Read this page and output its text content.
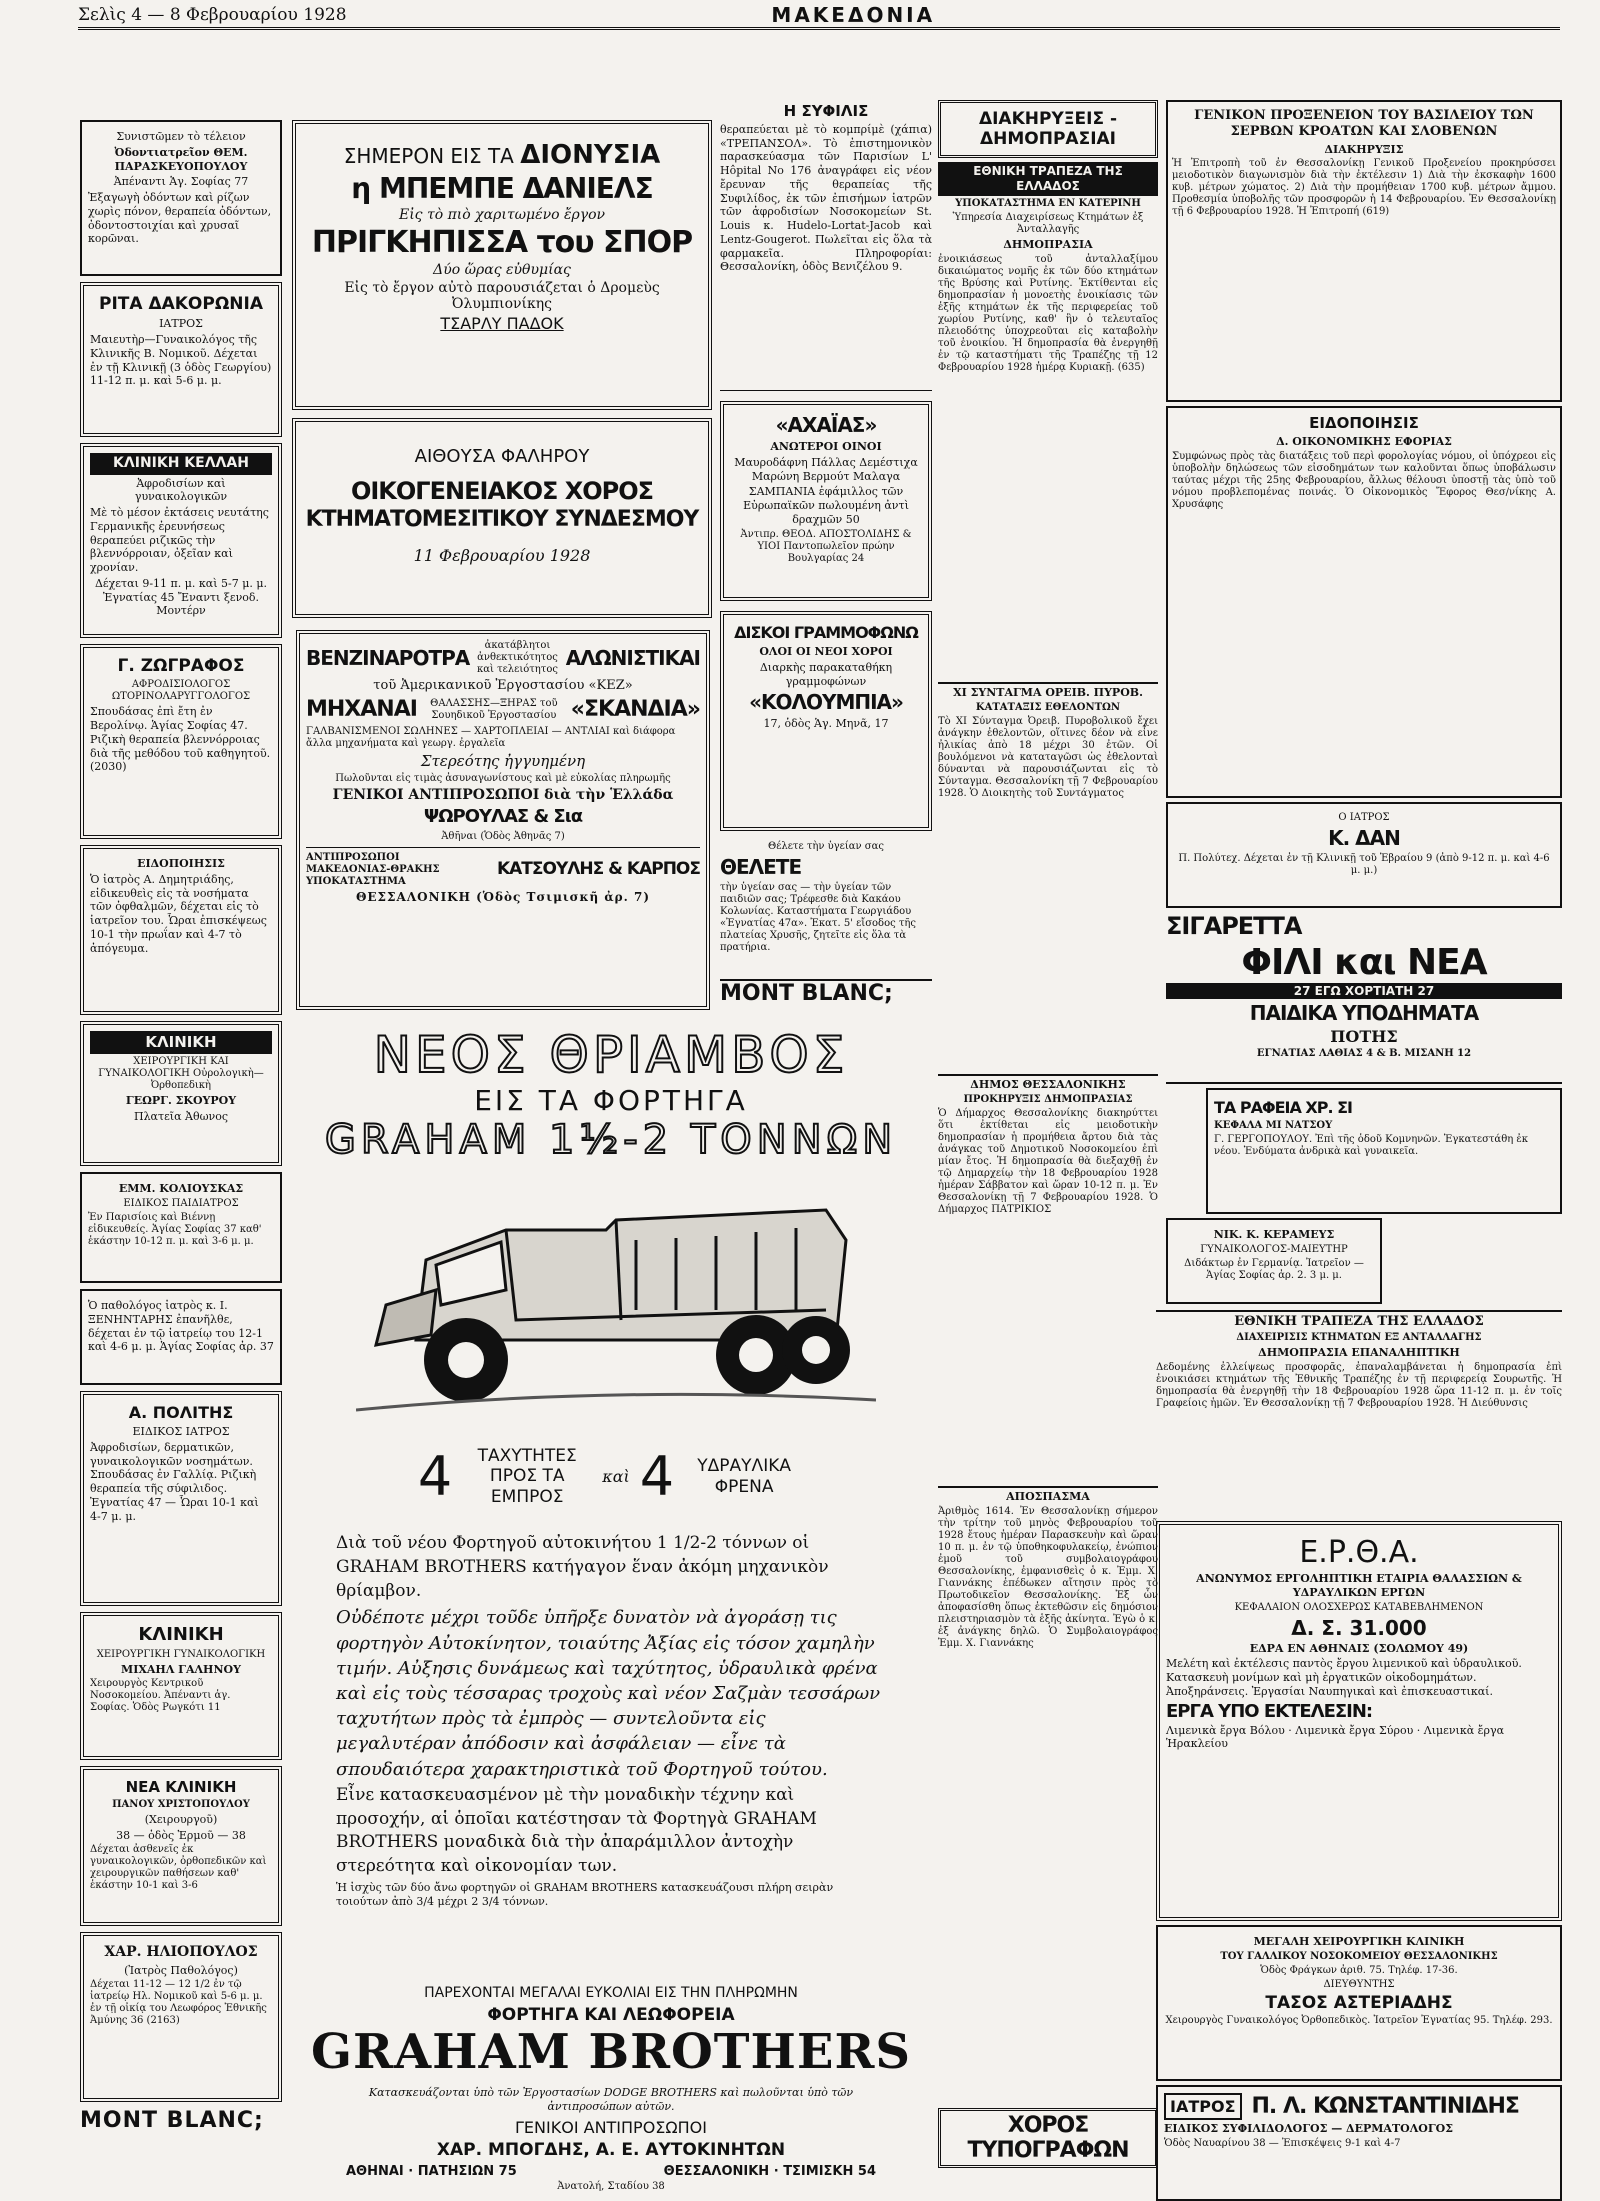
Σελὶς 4 — 8 Φεβρουαρίου 1928	ΜΑΚΕΔΟΝΙΑ

Συνιστῶμεν τὸ τέλειον

Ὀδοντιατρεῖον ΘΕΜ. ΠΑΡΑΣΚΕΥΟΠΟΥΛΟΥ

Ἀπέναντι Ἁγ. Σοφίας 77

Ἐξαγωγὴ ὀδόντων καὶ ρίζων χωρὶς πόνον, θεραπεία ὀδόντων, ὀδοντοστοιχίαι καὶ χρυσαῖ κορῶναι.

ΡΙΤΑ ΔΑΚΟΡΩΝΙΑ

ΙΑΤΡΟΣ

Μαιευτὴρ—Γυναικολόγος τῆς Κλινικῆς Β. Νομικοῦ. Δέχεται ἐν τῇ Κλινικῇ (3 ὁδὸς Γεωργίου) 11-12 π. μ. καὶ 5-6 μ. μ.

ΚΛΙΝΙΚΗ ΚΕΛΛΑΗ

Ἀφροδισίων καὶ γυναικολογικῶν

Μὲ τὸ μέσον ἐκτάσεις νευτάτης Γερμανικῆς ἐρευνήσεως θεραπεύει ριζικῶς τὴν βλεννόρροιαν, ὀξεῖαν καὶ χρονίαν.

Δέχεται 9-11 π. μ. καὶ 5-7 μ. μ. Ἐγνατίας 45 Ἔναντι ξενοδ. Μοντέρν

Γ. ΖΩΓΡΑΦΟΣ

ΑΦΡΟΔΙΣΙΟΛΟΓΟΣ ΩΤΟΡΙΝΟΛΑΡΥΓΓΟΛΟΓΟΣ

Σπουδάσας ἐπὶ ἔτη ἐν Βερολίνῳ. Ἁγίας Σοφίας 47. Ριζικὴ θεραπεία βλεννόρροιας διὰ τῆς μεθόδου τοῦ καθηγητοῦ. (2030)

ΕΙΔΟΠΟΙΗΣΙΣ

Ὁ ἰατρὸς Α. Δημητριάδης, εἰδικευθεὶς εἰς τὰ νοσήματα τῶν ὀφθαλμῶν, δέχεται εἰς τὸ ἰατρεῖον του. Ὧραι ἐπισκέψεως 10-1 τὴν πρωΐαν καὶ 4-7 τὸ ἀπόγευμα.

ΚΛΙΝΙΚΗ

ΧΕΙΡΟΥΡΓΙΚΗ ΚΑΙ ΓΥΝΑΙΚΟΛΟΓΙΚΗ Οὐρολογικὴ—Ὀρθοπεδικὴ

ΓΕΩΡΓ. ΣΚΟΥΡΟΥ

Πλατεῖα Ἀθωνος

ΕΜΜ. ΚΟΛΙΟΥΣΚΑΣ

ΕΙΔΙΚΟΣ ΠΑΙΔΙΑΤΡΟΣ

Ἐν Παρισίοις καὶ Βιέννῃ εἰδικευθείς. Ἁγίας Σοφίας 37 καθ' ἑκάστην 10-12 π. μ. καὶ 3-6 μ. μ.

Ὁ παθολόγος ἰατρὸς κ. Ι. ΞΕΝΗΝΤΑΡΗΣ ἐπανῆλθε, δέχεται ἐν τῷ ἰατρείῳ του 12-1 καὶ 4-6 μ. μ. Ἁγίας Σοφίας ἀρ. 37

Α. ΠΟΛΙΤΗΣ

ΕΙΔΙΚΟΣ ΙΑΤΡΟΣ

Ἀφροδισίων, δερματικῶν, γυναικολογικῶν νοσημάτων. Σπουδάσας ἐν Γαλλίᾳ. Ριζικὴ θεραπεία τῆς σύφιλιδος. Ἐγνατίας 47 — Ὧραι 10-1 καὶ 4-7 μ. μ.

ΚΛΙΝΙΚΗ

ΧΕΙΡΟΥΡΓΙΚΗ ΓΥΝΑΙΚΟΛΟΓΙΚΗ

ΜΙΧΑΗΛ ΓΑΛΗΝΟΥ

Χειρουργὸς Κεντρικοῦ Νοσοκομείου. Ἀπέναντι ἁγ. Σοφίας. Ὁδὸς Ρωγκότι 11

ΝΕΑ ΚΛΙΝΙΚΗ

ΠΑΝΟΥ ΧΡΙΣΤΟΠΟΥΛΟΥ

(Χειρουργοῦ)

38 — ὁδὸς Ἑρμοῦ — 38

Δέχεται ἀσθενεῖς ἐκ γυναικολογικῶν, ὀρθοπεδικῶν καὶ χειρουργικῶν παθήσεων καθ' ἑκάστην 10-1 καὶ 3-6

ΧΑΡ. ΗΛΙΟΠΟΥΛΟΣ

(Ἰατρὸς Παθολόγος)

Δέχεται 11-12 — 12 1/2 ἐν τῷ ἰατρείῳ Ηλ. Νομικοῦ καὶ 5-6 μ. μ. ἐν τῇ οἰκίᾳ του Λεωφόρος Ἐθνικῆς Ἀμύνης 36 (2163)

MONT BLANC;

ΣΗΜΕΡΟΝ ΕΙΣ ΤΑ ΔΙΟΝΥΣΙΑ

η ΜΠΕΜΠΕ ΔΑΝΙΕΛΣ

Εἰς τὸ πιὸ χαριτωμένο ἔργον

ΠΡΙΓΚΗΠΙΣΣΑ του ΣΠΟΡ

Δύο ὥρας εὐθυμίας

Εἰς τὸ ἔργον αὐτὸ παρουσιάζεται ὁ Δρομεὺς Ὀλυμπιονίκης

ΤΣΑΡΛΥ ΠΑΔΟΚ

ΑΙΘΟΥΣΑ ΦΑΛΗΡΟΥ

ΟΙΚΟΓΕΝΕΙΑΚΟΣ ΧΟΡΟΣ

ΚΤΗΜΑΤΟΜΕΣΙΤΙΚΟΥ ΣΥΝΔΕΣΜΟΥ

11 Φεβρουαρίου 1928

ΒΕΝΖΙΝΑΡΟΤΡΑ	ἀκατάβλητοι ἀνθεκτικότητος καὶ τελειότητος ΑΛΩΝΙΣΤΙΚΑΙ

τοῦ Ἀμερικανικοῦ Ἐργοστασίου «ΚΕΖ»

ΜΗΧΑΝΑΙ ΘΑΛΑΣΣΗΣ—ΞΗΡΑΣ τοῦ Σουηδικοῦ Ἐργοστασίου «ΣΚΑΝΔΙΑ»

ΓΑΛΒΑΝΙΣΜΕΝΟΙ ΣΩΛΗΝΕΣ — ΧΑΡΤΟΠΛΕΙΑΙ — ΑΝΤΛΙΑΙ καὶ διάφορα ἄλλα μηχανήματα καὶ γεωργ. ἐργαλεῖα

Στερεότης ἠγγυημένη

Πωλοῦνται εἰς τιμὰς ἀσυναγωνίστους καὶ μὲ εὐκολίας πληρωμῆς

ΓΕΝΙΚΟΙ ΑΝΤΙΠΡΟΣΩΠΟΙ διὰ τὴν Ἑλλάδα

ΨΩΡΟΥΛΑΣ & Σια

Ἀθῆναι (Ὁδὸς Ἀθηνᾶς 7)

ΑΝΤΙΠΡΟΣΩΠΟΙ ΜΑΚΕΔΟΝΙΑΣ-ΘΡΑΚΗΣ ΥΠΟΚΑΤΑΣΤΗΜΑ
ΚΑΤΣΟΥΛΗΣ & ΚΑΡΠΟΣ

ΘΕΣΣΑΛΟΝΙΚΗ (Ὁδὸς Τσιμισκῆ ἀρ. 7)

ΝΕΟΣ ΘΡΙΑΜΒΟΣ

ΕΙΣ ΤΑ ΦΟΡΤΗΓΑ

GRAHAM 1½-2 ΤΟΝΝΩΝ

4	ΤΑΧΥΤΗΤΕΣ ΠΡΟΣ ΤΑ ΕΜΠΡΟΣ
καὶ 4	ΥΔΡΑΥΛΙΚΑ ΦΡΕΝΑ

Διὰ τοῦ νέου Φορτηγοῦ αὐτοκινήτου 1 1/2-2 τόννων οἱ GRAHAM BROTHERS κατήγαγον ἕναν ἀκόμη μηχανικὸν θρίαμβον.

Οὐδέποτε μέχρι τοῦδε ὑπῆρξε δυνατὸν νὰ ἀγοράσῃ τις φορτηγὸν Αὐτοκίνητον, τοιαύτης Ἀξίας εἰς τόσον χαμηλὴν τιμήν. Αὐξησις δυνάμεως καὶ ταχύτητος, ὑδραυλικὰ φρένα καὶ εἰς τοὺς τέσσαρας τροχοὺς καὶ νέον Σαζμὰν τεσσάρων ταχυτήτων πρὸς τὰ ἐμπρὸς — συντελοῦντα εἰς μεγαλυτέραν ἀπόδοσιν καὶ ἀσφάλειαν — εἶνε τὰ σπουδαιότερα χαρακτηριστικὰ τοῦ Φορτηγοῦ τούτου.

Εἶνε κατασκευασμένον μὲ τὴν μοναδικὴν τέχνην καὶ προσοχήν, αἱ ὁποῖαι κατέστησαν τὰ Φορτηγὰ GRAHAM BROTHERS μοναδικὰ διὰ τὴν ἀπαράμιλλον ἀντοχὴν στερεότητα καὶ οἰκονομίαν των.

Ἡ ἰσχὺς τῶν δύο ἄνω φορτηγῶν οἱ GRAHAM BROTHERS κατασκευάζουσι πλήρη σειρὰν τοιούτων ἀπὸ 3/4 μέχρι 2 3/4 τόννων.

ΠΑΡΕΧΟΝΤΑΙ ΜΕΓΑΛΑΙ ΕΥΚΟΛΙΑΙ ΕΙΣ ΤΗΝ ΠΛΗΡΩΜΗΝ

ΦΟΡΤΗΓΑ ΚΑΙ ΛΕΩΦΟΡΕΙΑ

GRAHAM BROTHERS

Κατασκευάζονται ὑπὸ τῶν Ἐργοστασίων DODGE BROTHERS καὶ πωλοῦνται ὑπὸ τῶν ἀντιπροσώπων αὐτῶν.

ΓΕΝΙΚΟΙ ΑΝΤΙΠΡΟΣΩΠΟΙ

ΧΑΡ. ΜΠΟΓΔΗΣ, Α. Ε. ΑΥΤΟΚΙΝΗΤΩΝ

ΑΘΗΝΑΙ · ΠΑΤΗΣΙΩΝ 75	ΘΕΣΣΑΛΟΝΙΚΗ · ΤΣΙΜΙΣΚΗ 54

Ἀνατολή, Σταδίου 38

Η ΣΥΦΙΛΙΣ

θεραπεύεται μὲ τὸ κομπρίμὲ (χάπια) «ΤΡΕΠΑΝΣΟΛ». Τὸ ἐπιστημονικὸν παρασκεύασμα τῶν Παρισίων L' Hôpital No 176 ἀναγράφει εἰς νέον ἔρευναν τῆς θεραπείας τῆς Συφιλίδος, ἐκ τῶν ἐπισήμων ἰατρῶν τῶν ἀφροδισίων Νοσοκομείων St. Louis κ. Hudelo-Lortat-Jacob καὶ Lentz-Gougerot. Πωλεῖται εἰς ὅλα τὰ φαρμακεῖα. Πληροφορίαι: Θεσσαλονίκη, ὁδὸς Βενιζέλου 9.

«ΑΧΑΪΑΣ»

ΑΝΩΤΕΡΟΙ ΟΙΝΟΙ

Μαυροδάφνη Πάλλας Δεμέστιχα Μαρώνη Βερμούτ Μαλαγα

ΣΑΜΠΑΝΙΑ ἐφάμιλλος τῶν Εὐρωπαϊκῶν πωλουμένη ἀντὶ δραχμῶν 50

Ἀντιπρ. ΘΕΟΔ. ΑΠΟΣΤΟΛΙΔΗΣ & ΥΙΟΙ Παντοπωλεῖον πρώην Βουλγαρίας 24

ΔΙΣΚΟΙ ΓΡΑΜΜΟΦΩΝΩ

ΟΛΟΙ ΟΙ ΝΕΟΙ ΧΟΡΟΙ

Διαρκὴς παρακαταθήκη γραμμοφώνων

«ΚΟΛΟΥΜΠΙΑ»

17, ὁδὸς Ἁγ. Μηνᾶ, 17

Θέλετε τὴν ὑγείαν σας

ΘΕΛΕΤΕ

τὴν ὑγείαν σας — τὴν ὑγείαν τῶν παιδιῶν σας; Τρέφεσθε διὰ Κακάου Κολωνίας. Καταστήματα Γεωργιάδου «Ἐγνατίας 47α». Ἐκατ. 5' εἴσοδος τῆς πλατείας Χρυσῆς, ζητεῖτε εἰς ὅλα τὰ πρατήρια.

MONT BLANC;
ΔΙΑΚΗΡΥΞΕΙΣ - ΔΗΜΟΠΡΑΣΙΑΙ
ΕΘΝΙΚΗ ΤΡΑΠΕΖΑ ΤΗΣ ΕΛΛΑΔΟΣ

ΥΠΟΚΑΤΑΣΤΗΜΑ ΕΝ ΚΑΤΕΡΙΝΗ

Ὑπηρεσία Διαχειρίσεως Κτημάτων ἐξ Ἀνταλλαγῆς

ΔΗΜΟΠΡΑΣΙΑ

ἐνοικιάσεως τοῦ ἀνταλλαξίμου δικαιώματος νομῆς ἐκ τῶν δύο κτημάτων τῆς Βρύσης καὶ Ρυτίνης. Ἐκτίθενται εἰς δημοπρασίαν ἡ μονοετὴς ἐνοικίασις τῶν ἑξῆς κτημάτων ἐκ τῆς περιφερείας τοῦ χωρίου Ρυτίνης, καθ' ἣν ὁ τελευταῖος πλειοδότης ὑποχρεοῦται εἰς καταβολὴν τοῦ ἐνοικίου. Ἡ δημοπρασία θὰ ἐνεργηθῇ ἐν τῷ καταστήματι τῆς Τραπέζης τῇ 12 Φεβρουαρίου 1928 ἡμέρᾳ Κυριακῇ. (635)

ΧΙ ΣΥΝΤΑΓΜΑ ΟΡΕΙΒ. ΠΥΡΟΒ.

ΚΑΤΑΤΑΞΙΣ ΕΘΕΛΟΝΤΩΝ

Τὸ ΧΙ Σύνταγμα Ὀρειβ. Πυροβολικοῦ ἔχει ἀνάγκην ἐθελοντῶν, οἵτινες δέον νὰ εἶνε ἠλικίας ἀπὸ 18 μέχρι 30 ἐτῶν. Οἱ βουλόμενοι νὰ καταταγῶσι ὡς ἐθελονταὶ δύνανται νὰ παρουσιάζωνται εἰς τὸ Σύνταγμα. Θεσσαλονίκη τῇ 7 Φεβρουαρίου 1928. Ὁ Διοικητὴς τοῦ Συντάγματος

ΔΗΜΟΣ ΘΕΣΣΑΛΟΝΙΚΗΣ

ΠΡΟΚΗΡΥΞΙΣ ΔΗΜΟΠΡΑΣΙΑΣ

Ὁ Δήμαρχος Θεσσαλονίκης διακηρύττει ὅτι ἐκτίθεται εἰς μειοδοτικὴν δημοπρασίαν ἡ προμήθεια ἄρτου διὰ τὰς ἀνάγκας τοῦ Δημοτικοῦ Νοσοκομείου ἐπὶ μίαν ἔτος. Ἡ δημοπρασία θὰ διεξαχθῇ ἐν τῷ Δημαρχείῳ τὴν 18 Φεβρουαρίου 1928 ἡμέραν Σάββατον καὶ ὥραν 10-12 π. μ. Ἐν Θεσσαλονίκῃ τῇ 7 Φεβρουαρίου 1928. Ὁ Δήμαρχος ΠΑΤΡΙΚΙΟΣ

ΑΠΟΣΠΑΣΜΑ

Ἀριθμὸς 1614. Ἐν Θεσσαλονίκῃ σήμερον τὴν τρίτην τοῦ μηνὸς Φεβρουαρίου τοῦ 1928 ἔτους ἡμέραν Παρασκευὴν καὶ ὥραν 10 π. μ. ἐν τῷ ὑποθηκοφυλακείῳ, ἐνώπιον ἐμοῦ τοῦ συμβολαιογράφου Θεσσαλονίκης, ἐμφανισθεὶς ὁ κ. Ἐμμ. Χ. Γιαννάκης ἐπέδωκεν αἴτησιν πρὸς τὸ Πρωτοδικεῖον Θεσσαλονίκης. Ἐξ ὧν ἀποφασίσθη ὅπως ἐκτεθῶσιν εἰς δημόσιον πλειστηριασμὸν τὰ ἑξῆς ἀκίνητα. Ἐγὼ ὁ κ. ἐξ ἀνάγκης δηλῶ. Ὁ Συμβολαιογράφος Ἐμμ. Χ. Γιαννάκης

ΧΟΡΟΣ ΤΥΠΟΓΡΑΦΩΝ

ΓΕΝΙΚΟΝ ΠΡΟΞΕΝΕΙΟΝ ΤΟΥ ΒΑΣΙΛΕΙΟΥ ΤΩΝ ΣΕΡΒΩΝ ΚΡΟΑΤΩΝ ΚΑΙ ΣΛΟΒΕΝΩΝ

ΔΙΑΚΗΡΥΞΙΣ

Ἡ Ἐπιτροπὴ τοῦ ἐν Θεσσαλονίκῃ Γενικοῦ Προξενείου προκηρύσσει μειοδοτικὸν διαγωνισμὸν διὰ τὴν ἐκτέλεσιν 1) Διὰ τὴν ἐκσκαφὴν 1600 κυβ. μέτρων χώματος. 2) Διὰ τὴν προμήθειαν 1700 κυβ. μέτρων ἄμμου. Προθεσμία ὑποβολῆς τῶν προσφορῶν ἡ 14 Φεβρουαρίου. Ἐν Θεσσαλονίκῃ τῇ 6 Φεβρουαρίου 1928. Ἡ Ἐπιτροπή (619)

ΕΙΔΟΠΟΙΗΣΙΣ

Δ. ΟΙΚΟΝΟΜΙΚΗΣ ΕΦΟΡΙΑΣ

Συμφώνως πρὸς τὰς διατάξεις τοῦ περὶ φορολογίας νόμου, οἱ ὑπόχρεοι εἰς ὑποβολὴν δηλώσεως τῶν εἰσοδημάτων των καλοῦνται ὅπως ὑποβάλωσιν ταύτας μέχρι τῆς 25ης Φεβρουαρίου, ἄλλως θέλουσι ὑποστῇ τὰς ὑπὸ τοῦ νόμου προβλεπομένας ποινάς. Ὁ Οἰκονομικὸς Ἔφορος Θεσ/νίκης Α. Χρυσάφης

Ο ΙΑΤΡΟΣ

Κ. ΔΑΝ

Π. Πολύτεχ. Δέχεται ἐν τῇ Κλινικῇ τοῦ Ἑβραίου 9 (ἀπὸ 9-12 π. μ. καὶ 4-6 μ. μ.)

ΣΙΓΑΡΕΤΤΑ

ΦΙΛΙ και ΝΕΑ

27 ΕΓΩ ΧΟΡΤΙΑΤΗ 27

ΠΑΙΔΙΚΑ ΥΠΟΔΗΜΑΤΑ

ΠΟΤΗΣ

ΕΓΝΑΤΙΑΣ ΛΑΘΙΑΣ 4 & Β. ΜΙΣΑΝΗ 12

ΤΑ ΡΑΦΕΙΑ ΧΡ. ΣΙ

ΚΕΦΑΛΑ ΜΙ ΝΑΤΣΟΥ

Γ. ΓΕΡΓΟΠΟΥΛΟΥ. Ἐπὶ τῆς ὁδοῦ Κομνηνῶν. Ἐγκατεστάθη ἐκ νέου. Ἐνδύματα ἀνδρικὰ καὶ γυναικεῖα.

ΝΙΚ. Κ. ΚΕΡΑΜΕΥΣ

ΓΥΝΑΙΚΟΛΟΓΟΣ-ΜΑΙΕΥΤΗΡ

Διδάκτωρ ἐν Γερμανίᾳ. Ἰατρεῖον — Ἁγίας Σοφίας ἀρ. 2. 3 μ. μ.

ΕΘΝΙΚΗ ΤΡΑΠΕΖΑ ΤΗΣ ΕΛΛΑΔΟΣ

ΔΙΑΧΕΙΡΙΣΙΣ ΚΤΗΜΑΤΩΝ ΕΞ ΑΝΤΑΛΛΑΓΗΣ

ΔΗΜΟΠΡΑΣΙΑ ΕΠΑΝΑΛΗΠΤΙΚΗ

Δεδομένης ἐλλείψεως προσφορᾶς, ἐπαναλαμβάνεται ἡ δημοπρασία ἐπὶ ἐνοικιάσει κτημάτων τῆς Ἐθνικῆς Τραπέζης ἐν τῇ περιφερείᾳ Σουρωτῆς. Ἡ δημοπρασία θὰ ἐνεργηθῇ τὴν 18 Φεβρουαρίου 1928 ὥρα 11-12 π. μ. ἐν τοῖς Γραφείοις ἡμῶν. Ἐν Θεσσαλονίκῃ τῇ 7 Φεβρουαρίου 1928. Ἡ Διεύθυνσις

Ε.Ρ.Θ.Α.

ΑΝΩΝΥΜΟΣ ΕΡΓΟΛΗΠΤΙΚΗ ΕΤΑΙΡΙΑ ΘΑΛΑΣΣΙΩΝ & ΥΔΡΑΥΛΙΚΩΝ ΕΡΓΩΝ

ΚΕΦΑΛΑΙΟΝ ΟΛΟΣΧΕΡΩΣ ΚΑΤΑΒΕΒΛΗΜΕΝΟΝ

Δ. Σ. 31.000

ΕΔΡΑ ΕΝ ΑΘΗΝΑΙΣ (ΣΟΛΩΜΟΥ 49)

Μελέτη καὶ ἐκτέλεσις παντὸς ἔργου λιμενικοῦ καὶ ὑδραυλικοῦ. Κατασκευὴ μονίμων καὶ μὴ ἐργατικῶν οἰκοδομημάτων. Ἀποξηράνσεις. Ἐργασίαι Ναυπηγικαὶ καὶ ἐπισκευαστικαί.

ΕΡΓΑ ΥΠΟ ΕΚΤΕΛΕΣΙΝ:

Λιμενικὰ ἔργα Βόλου · Λιμενικὰ ἔργα Σύρου · Λιμενικὰ ἔργα Ἡρακλείου

ΜΕΓΑΛΗ ΧΕΙΡΟΥΡΓΙΚΗ ΚΛΙΝΙΚΗ

ΤΟΥ ΓΑΛΛΙΚΟΥ ΝΟΣΟΚΟΜΕΙΟΥ ΘΕΣΣΑΛΟΝΙΚΗΣ

Ὁδὸς Φράγκων ἀριθ. 75. Τηλέφ. 17-36.

ΔΙΕΥΘΥΝΤΗΣ

ΤΑΣΟΣ ΑΣΤΕΡΙΑΔΗΣ

Χειρουργὸς Γυναικολόγος Ὀρθοπεδικὸς. Ἰατρεῖον Ἐγνατίας 95. Τηλέφ. 293.

ΙΑΤΡΟΣ Π. Λ. ΚΩΝΣΤΑΝΤΙΝΙΔΗΣ

ΕΙΔΙΚΟΣ ΣΥΦΙΛΙΔΟΛΟΓΟΣ — ΔΕΡΜΑΤΟΛΟΓΟΣ

Ὁδὸς Ναυαρίνου 38 — Ἐπισκέψεις 9-1 καὶ 4-7
